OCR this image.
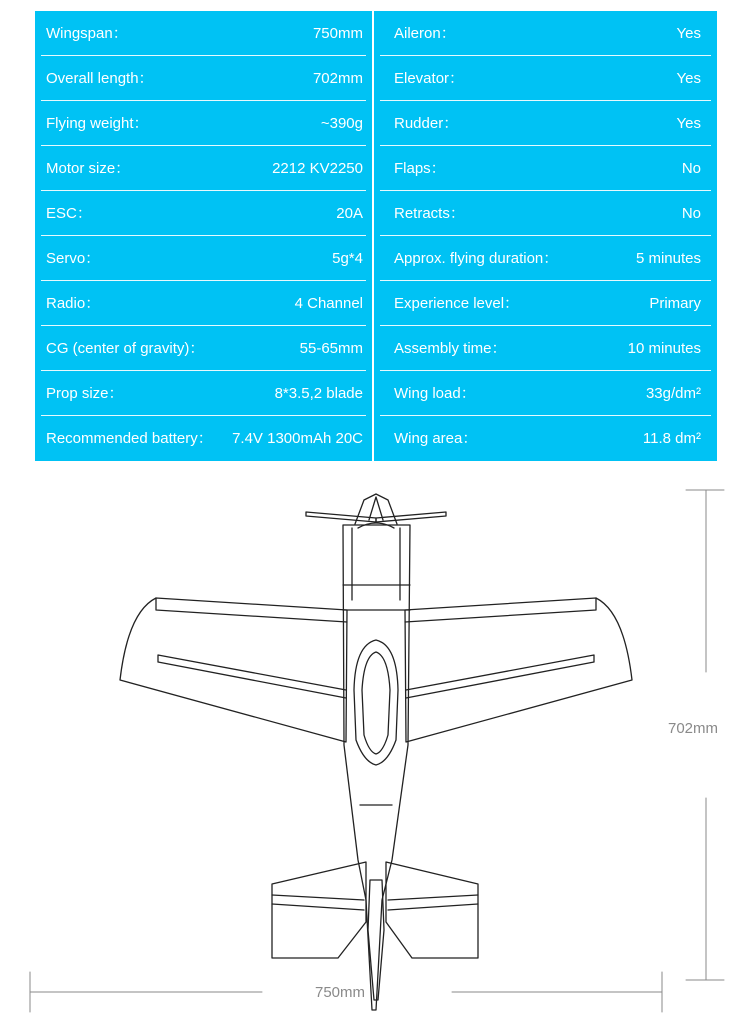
Wingspan：	750mm
Overall length：	702mm
Flying weight：	~390g
Motor size：	2212 KV2250
ESC：	20A
Servo：	5g*4
Radio：	4 Channel
CG (center of gravity)：	55-65mm
Prop size：	8*3.5,2 blade
Recommended battery： 7.4V 1300mAh 20C
Aileron：	Yes
Elevator：	Yes
Rudder：	Yes
Flaps：	No
Retracts：	No
Approx. flying duration：	5 minutes
Experience level：	Primary
Assembly time：	10 minutes
Wing load：	33g/dm²
Wing area：	11.8 dm²
702mm
750mm
